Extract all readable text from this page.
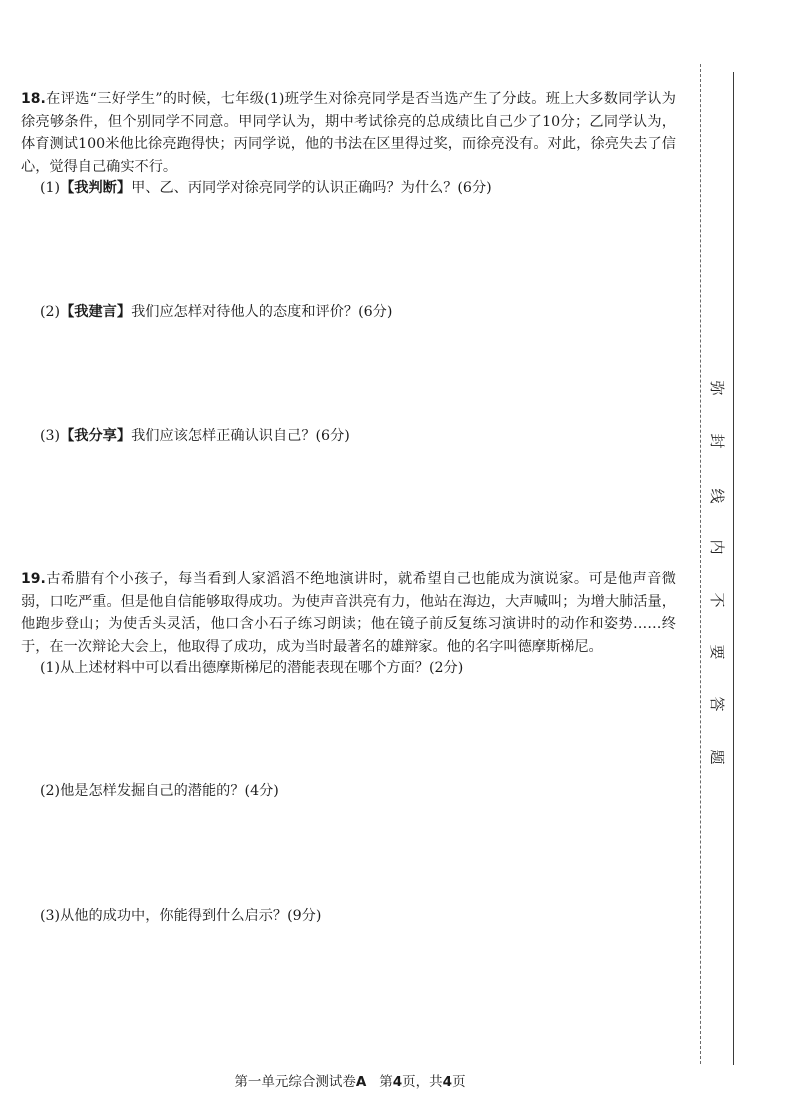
18.在评选“三好学生”的时候，七年级(1)班学生对徐亮同学是否当选产生了分歧。班上大多数同学认为徐亮够条件，但个别同学不同意。甲同学认为，期中考试徐亮的总成绩比自己少了10分；乙同学认为，体育测试100米他比徐亮跑得快；丙同学说，他的书法在区里得过奖，而徐亮没有。对此，徐亮失去了信心，觉得自己确实不行。

(1)【我判断】甲、乙、丙同学对徐亮同学的认识正确吗？为什么？(6分)
(2)【我建言】我们应怎样对待他人的态度和评价？(6分)
(3)【我分享】我们应该怎样正确认识自己？(6分)

19.古希腊有个小孩子，每当看到人家滔滔不绝地演讲时，就希望自己也能成为演说家。可是他声音微弱，口吃严重。但是他自信能够取得成功。为使声音洪亮有力，他站在海边，大声喊叫；为增大肺活量，他跑步登山；为使舌头灵活，他口含小石子练习朗读；他在镜子前反复练习演讲时的动作和姿势……终于，在一次辩论大会上，他取得了成功，成为当时最著名的雄辩家。他的名字叫德摩斯梯尼。

(1)从上述材料中可以看出德摩斯梯尼的潜能表现在哪个方面？(2分)
(2)他是怎样发掘自己的潜能的？(4分)
(3)从他的成功中，你能得到什么启示？(9分)
弥
封
线
内
不
要
答
题
第一单元综合测试卷A 第4页，共4页
